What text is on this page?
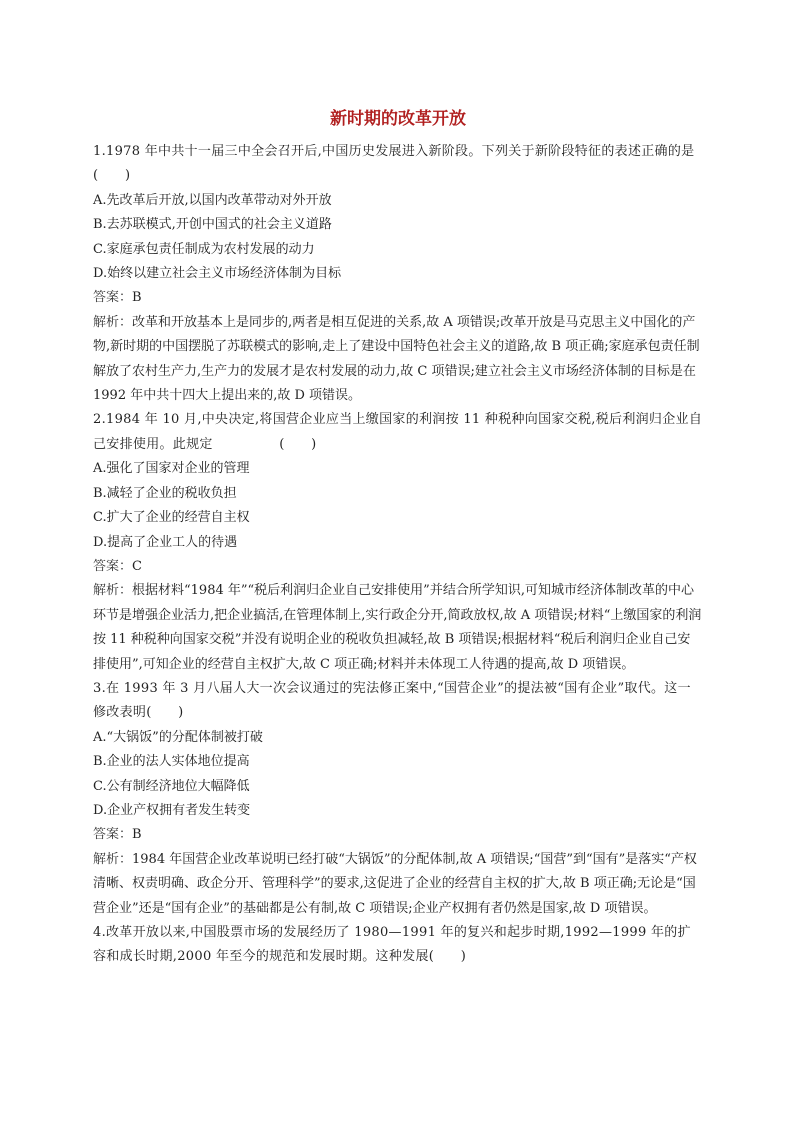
新时期的改革开放

1.1978 年中共十一届三中全会召开后,中国历史发展进入新阶段。下列关于新阶段特征的表述正确的是(　　)

A.先改革后开放,以国内改革带动对外开放

B.去苏联模式,开创中国式的社会主义道路

C.家庭承包责任制成为农村发展的动力

D.始终以建立社会主义市场经济体制为目标

答案：B

解析：改革和开放基本上是同步的,两者是相互促进的关系,故 A 项错误;改革开放是马克思主义中国化的产物,新时期的中国摆脱了苏联模式的影响,走上了建设中国特色社会主义的道路,故 B 项正确;家庭承包责任制解放了农村生产力,生产力的发展才是农村发展的动力,故 C 项错误;建立社会主义市场经济体制的目标是在 1992 年中共十四大上提出来的,故 D 项错误。

2.1984 年 10 月,中央决定,将国营企业应当上缴国家的利润按 11 种税种向国家交税,税后利润归企业自己安排使用。此规定　　　　　(　　)

A.强化了国家对企业的管理

B.减轻了企业的税收负担

C.扩大了企业的经营自主权

D.提高了企业工人的待遇

答案：C

解析：根据材料“1984 年”“税后利润归企业自己安排使用”并结合所学知识,可知城市经济体制改革的中心环节是增强企业活力,把企业搞活,在管理体制上,实行政企分开,简政放权,故 A 项错误;材料“上缴国家的利润按 11 种税种向国家交税”并没有说明企业的税收负担减轻,故 B 项错误;根据材料“税后利润归企业自己安排使用”,可知企业的经营自主权扩大,故 C 项正确;材料并未体现工人待遇的提高,故 D 项错误。

3.在 1993 年 3 月八届人大一次会议通过的宪法修正案中,“国营企业”的提法被“国有企业”取代。这一修改表明(　　)

A.“大锅饭”的分配体制被打破

B.企业的法人实体地位提高

C.公有制经济地位大幅降低

D.企业产权拥有者发生转变

答案：B

解析：1984 年国营企业改革说明已经打破“大锅饭”的分配体制,故 A 项错误;“国营”到“国有”是落实“产权清晰、权责明确、政企分开、管理科学”的要求,这促进了企业的经营自主权的扩大,故 B 项正确;无论是“国营企业”还是“国有企业”的基础都是公有制,故 C 项错误;企业产权拥有者仍然是国家,故 D 项错误。

4.改革开放以来,中国股票市场的发展经历了 1980—1991 年的复兴和起步时期,1992—1999 年的扩容和成长时期,2000 年至今的规范和发展时期。这种发展(　　)
